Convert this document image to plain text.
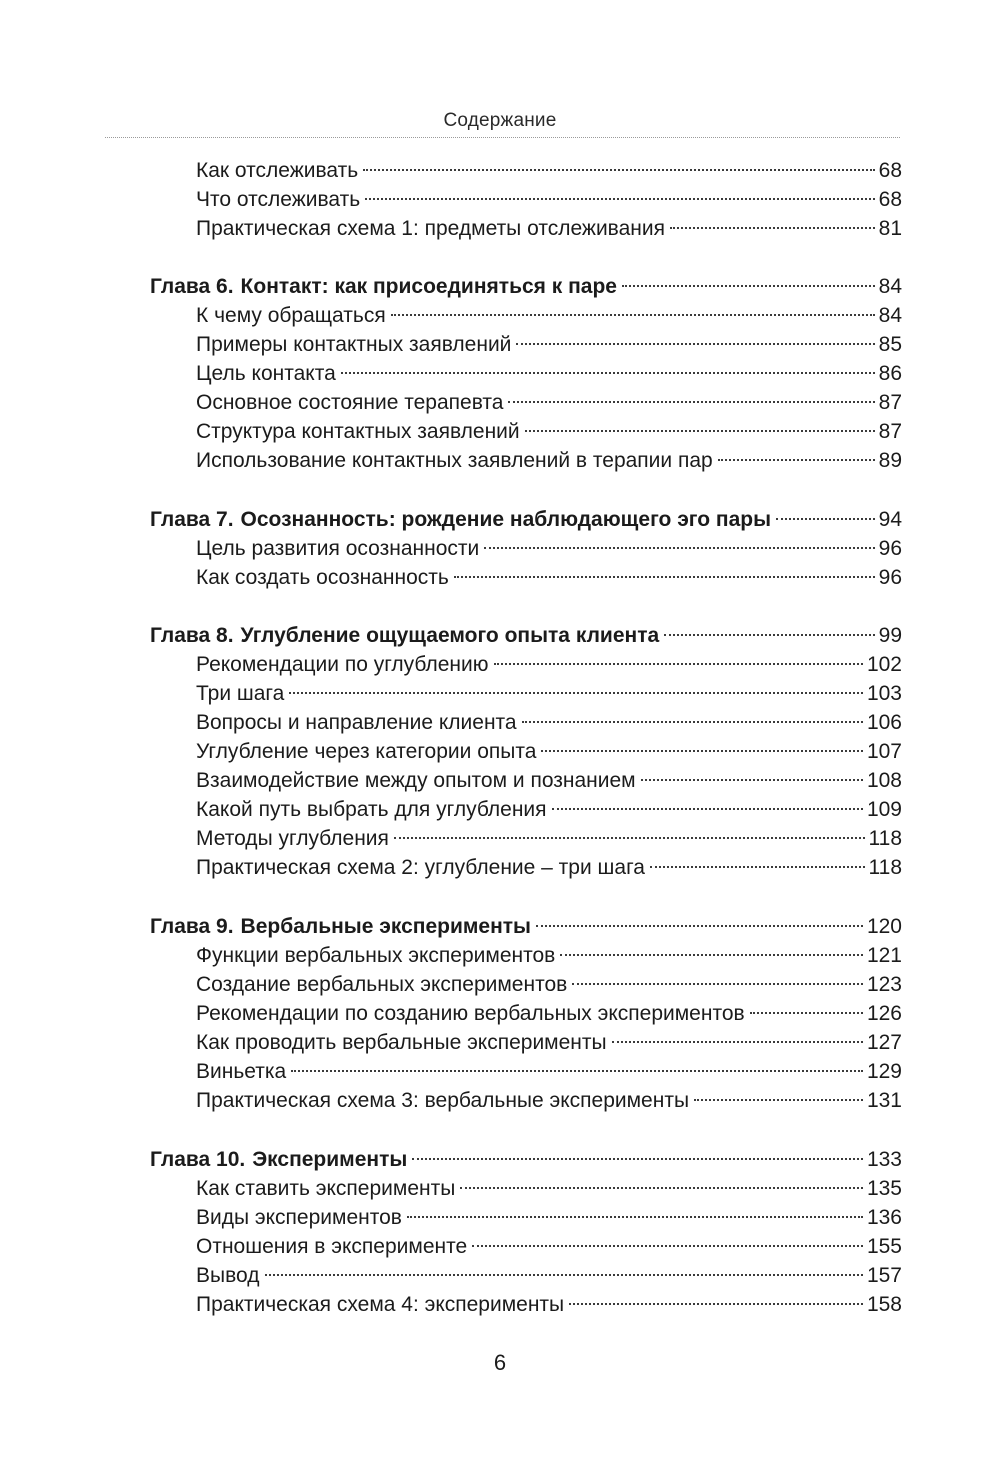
Содержание
Как отслеживать	68
Что отслеживать	68
Практическая схема 1: предметы отслеживания	81
Глава 6. Контакт: как присоединяться к паре	84
К чему обращаться	84
Примеры контактных заявлений	85
Цель контакта	86
Основное состояние терапевта	87
Структура контактных заявлений	87
Использование контактных заявлений в терапии пар	89
Глава 7. Осознанность: рождение наблюдающего эго пары	94
Цель развития осознанности	96
Как создать осознанность	96
Глава 8. Углубление ощущаемого опыта клиента	99
Рекомендации по углублению	102
Три шага	103
Вопросы и направление клиента	106
Углубление через категории опыта	107
Взаимодействие между опытом и познанием	108
Какой путь выбрать для углубления	109
Методы углубления	118
Практическая схема 2: углубление – три шага	118
Глава 9. Вербальные эксперименты	120
Функции вербальных экспериментов	121
Создание вербальных экспериментов	123
Рекомендации по созданию вербальных экспериментов	126
Как проводить вербальные эксперименты	127
Виньетка	129
Практическая схема 3: вербальные эксперименты	131
Глава 10. Эксперименты	133
Как ставить эксперименты	135
Виды экспериментов	136
Отношения в эксперименте	155
Вывод	157
Практическая схема 4: эксперименты	158
6
